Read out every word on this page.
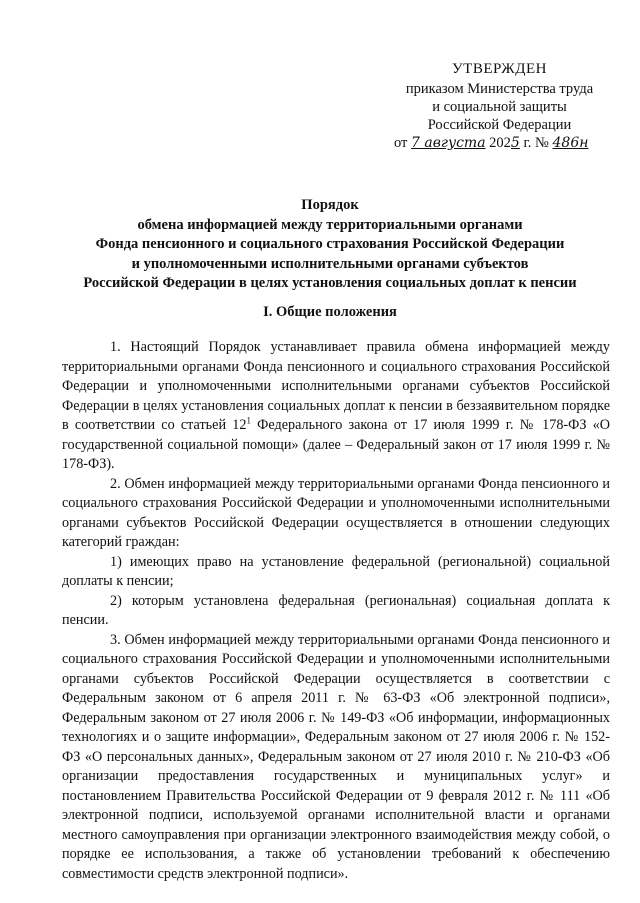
УТВЕРЖДЕН
приказом Министерства труда
и социальной защиты
Российской Федерации
от 7 августа 2025 г. № 486н
Порядок
обмена информацией между территориальными органами
Фонда пенсионного и социального страхования Российской Федерации
и уполномоченными исполнительными органами субъектов
Российской Федерации в целях установления социальных доплат к пенсии
I. Общие положения

1. Настоящий Порядок устанавливает правила обмена информацией между территориальными органами Фонда пенсионного и социального страхования Российской Федерации и уполномоченными исполнительными органами субъектов Российской Федерации в целях установления социальных доплат к пенсии в беззаявительном порядке в соответствии со статьей $12^1$ Федерального закона от 17 июля 1999 г. № 178-ФЗ «О государственной социальной помощи» (далее – Федеральный закон от 17 июля 1999 г. № 178-ФЗ).

2. Обмен информацией между территориальными органами Фонда пенсионного и социального страхования Российской Федерации и уполномоченными исполнительными органами субъектов Российской Федерации осуществляется в отношении следующих категорий граждан:

1) имеющих право на установление федеральной (региональной) социальной доплаты к пенсии;

2) которым установлена федеральная (региональная) социальная доплата к пенсии.

3. Обмен информацией между территориальными органами Фонда пенсионного и социального страхования Российской Федерации и уполномоченными исполнительными органами субъектов Российской Федерации осуществляется в соответствии с Федеральным законом от 6 апреля 2011 г. № 63-ФЗ «Об электронной подписи», Федеральным законом от 27 июля 2006 г. № 149-ФЗ «Об информации, информационных технологиях и о защите информации», Федеральным законом от 27 июля 2006 г. № 152-ФЗ «О персональных данных», Федеральным законом от 27 июля 2010 г. № 210-ФЗ «Об организации предоставления государственных и муниципальных услуг» и постановлением Правительства Российской Федерации от 9 февраля 2012 г. № 111 «Об электронной подписи, используемой органами исполнительной власти и органами местного самоуправления при организации электронного взаимодействия между собой, о порядке ее использования, а также об установлении требований к обеспечению совместимости средств электронной подписи».
